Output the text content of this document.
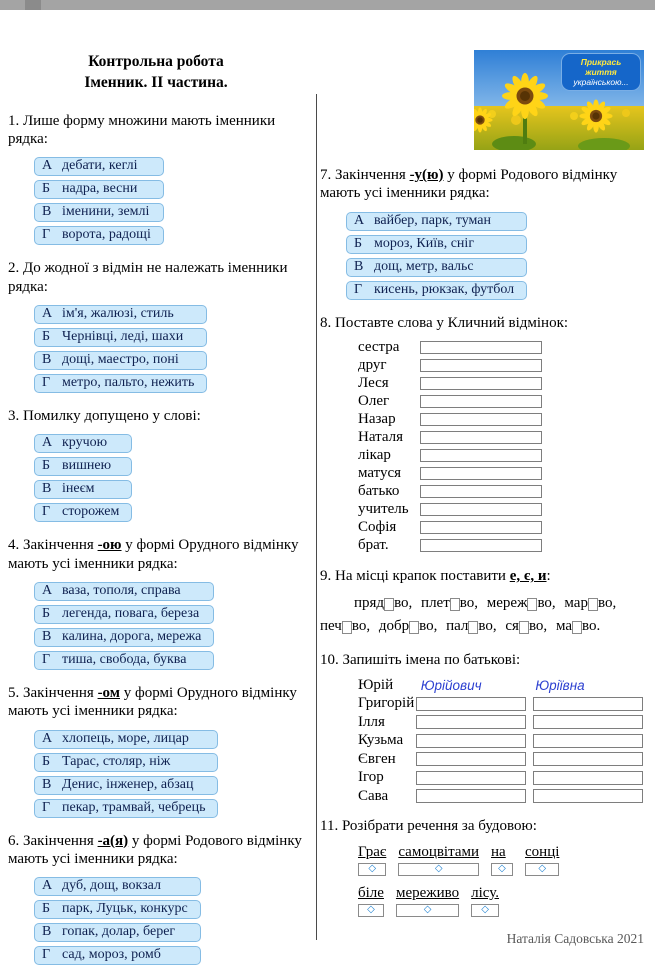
Контрольна робота
Іменник. ІІ частина.

1. Лише форму множини мають іменники
рядка:

А дебати, кеглі
Б надра, весни
В іменини, землі
Г ворота, радощі

2. До жодної з відмін не належать іменники
рядка:

А ім'я, жалюзі, стиль
Б Чернівці, леді, шахи
В дощі, маестро, поні
Г метро, пальто, нежить

3. Помилку допущено у слові:

А кручою
Б вишнею
В інеєм
Г сторожем

4. Закінчення -ою у формі Орудного відмінку
мають усі іменники рядка:

А ваза, тополя, справа
Б легенда, повага, береза
В калина, дорога, мережа
Г тиша, свобода, буква

5. Закінчення -ом у формі Орудного відмінку
мають усі іменники рядка:

А хлопець, море, лицар
Б Тарас, столяр, ніж
В Денис, інженер, абзац
Г пекар, трамвай, чебрець

6. Закінчення -а(я) у формі Родового відмінку
мають усі іменники рядка:

А дуб, дощ, вокзал
Б парк, Луцьк, конкурс
В гопак, долар, берег
Г сад, мороз, ромб
Прикрась життя
українською...

7. Закінчення -у(ю) у формі Родового відмінку
мають усі іменники рядка:

А вайбер, парк, туман
Б мороз, Київ, сніг
В дощ, метр, вальс
Г кисень, рюкзак, футбол

8. Поставте слова у Кличний відмінок:

сестра
друг
Леся
Олег
Назар
Наталя
лікар
матуся
батько
учитель
Софія
брат.

9. На місці крапок поставити е, є, и:

пряд во, плет во, мереж во, мар во, печ во, добр во, пал во, ся во, ма во.

10. Запишіть імена по батькові:

Юрій	Юрійович	Юріївна
Григорій
Ілля
Кузьма
Євген
Ігор
Сава

11. Розібрати речення за будовою:

Грає
◇
самоцвітами
◇
на
◇
сонці
◇
біле
◇
мереживо
◇
лісу.
◇
Наталія Садовська 2021
